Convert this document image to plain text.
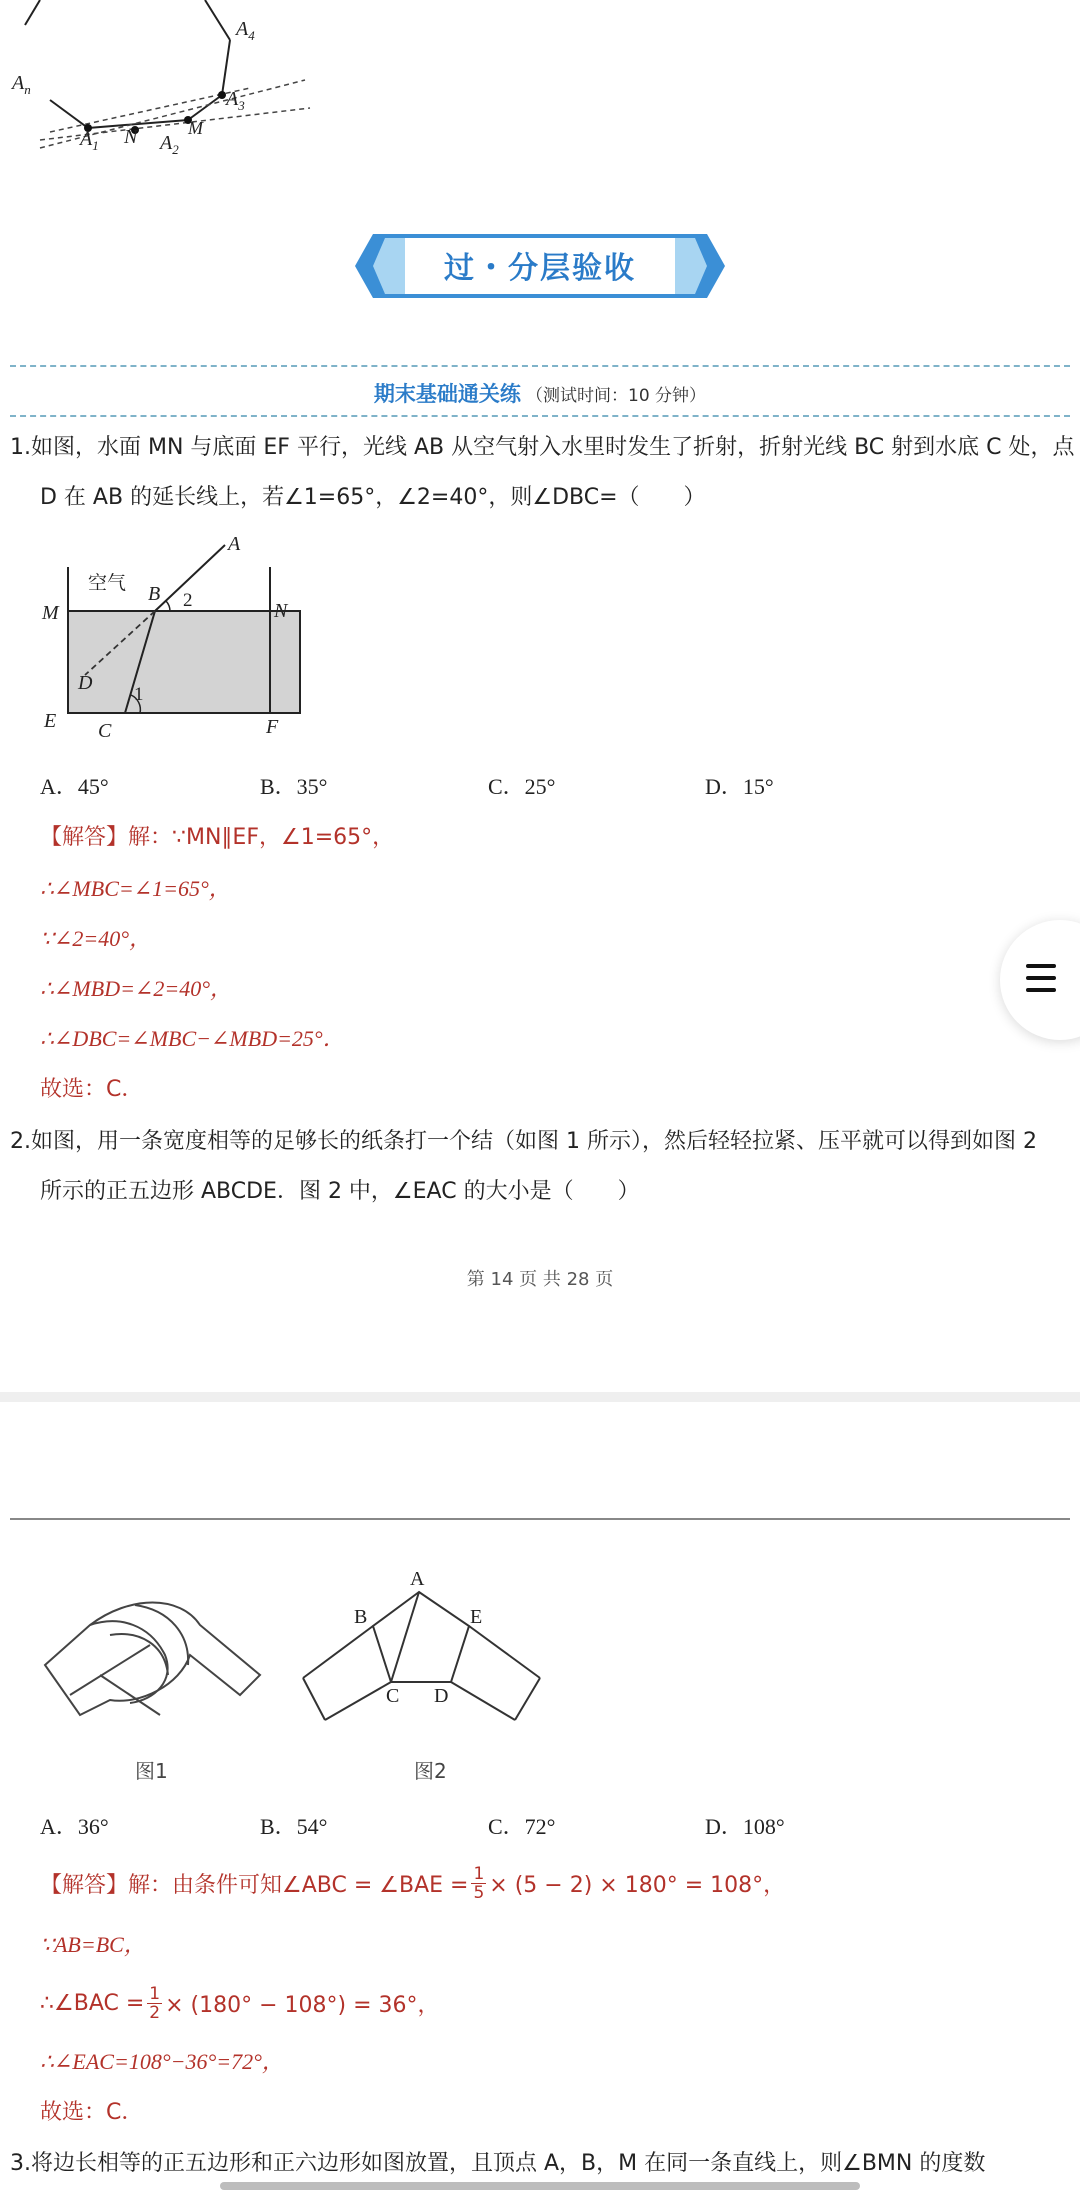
$A_4$
$A_n$	$A_3$
$A_1$ N $A_2$
M
过・分层验收
期末基础通关练 （测试时间：10 分钟）
1.如图，水面 MN 与底面 EF 平行，光线 AB 从空气射入水里时发生了折射，折射光线 BC 射到水底 C 处，点
D 在 AB 的延长线上，若∠1=65°，∠2=40°，则∠DBC=（　　）
空气
A
B 2
M	N
D
1
E C	F
A．45°	B．35°	C．25°	D．15°
【解答】解：∵MN∥EF，∠1=65°，
∴∠MBC=∠1=65°，
∵∠2=40°，
∴∠MBD=∠2=40°，
∴∠DBC=∠MBC−∠MBD=25°．
故选：C．
2.如图，用一条宽度相等的足够长的纸条打一个结（如图 1 所示），然后轻轻拉紧、压平就可以得到如图 2
所示的正五边形 ABCDE．图 2 中，∠EAC 的大小是（　　）
第 14 页 共 28 页
图1
A
B	E
C D
图2
A．36°	B．54°	C．72°	D．108°
【解答】解：由条件可知∠ABC = ∠BAE = $\frac{1}{5} \times (5 - 2) \times 180^\circ = 108^\circ$，
∵AB=BC，
∴∠BAC = $\frac{1}{2} \times (180^\circ - 108^\circ) = 36^\circ$，
∴∠EAC=108°−36°=72°，
故选：C．
3.将边长相等的正五边形和正六边形如图放置，且顶点 A，B，M 在同一条直线上，则∠BMN 的度数
